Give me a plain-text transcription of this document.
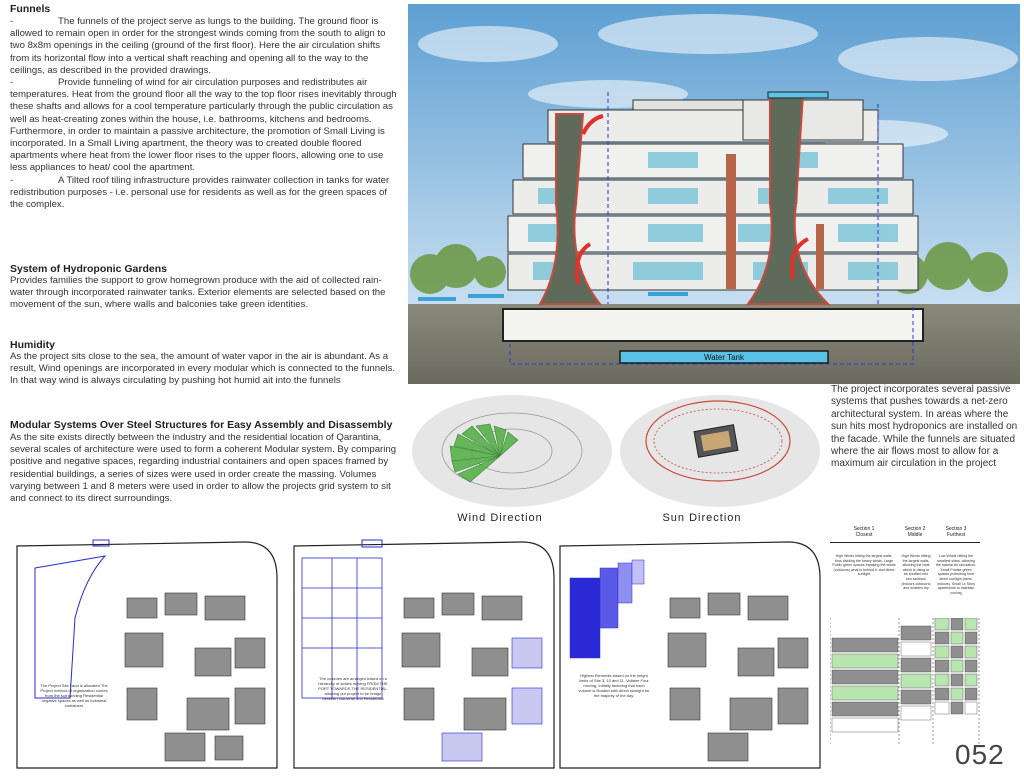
Funnels

-	The funnels of the project serve as lungs to the building. The ground floor is allowed to remain open in order for the strongest winds coming from the south to align to two 8x8m openings in the ceiling (ground of the first floor). Here the air circulation shifts from its horizontal flow into a vertical shaft reaching and opening all to the way to the ceilings, as described in the provided drawings.

-	Provide funneling of wind for air circulation purposes and redistributes air temperatures. Heat from the ground floor all the way to the top floor rises inevitably through these shafts and allows for a cool temperature particularly through the public circulation as well as heat-creating zones within the house, i.e. bathrooms, kitchens and bedrooms. Furthermore, in order to maintain a passive architecture, the promotion of Small Living is incorporated. In a Small Living apartment, the theory was to created double floored apartments where heat from the lower floor rises to the upper floors, allowing one to use less appliances to heat/ cool the apartment.

-	A Tilted roof tiling infrastructure provides rainwater collection in tanks for water redistribution purposes - i.e. personal use for residents as well as for the green spaces of the complex.

System of Hydroponic Gardens
Provides families the support to grow homegrown produce with the aid of collected rain-water through incorporated rainwater tanks. Exterior elements are selected based on the movement of the sun, where walls and balconies take green identities.
Humidity
As the project sits close to the sea, the amount of water vapor in the air is abundant. As a result, Wind openings are incorporated in every modular which is connected to the funnels. In that way wind is always circulating by pushing hot humid ait into the funnels
Modular Systems Over Steel Structures for Easy Assembly and Disassembly
As the site exists directly between the industry and the residential location of Qarantina, several scales of architecture were used to form a coherent Modular system. By comparing positive and negative spaces, regarding industrial containers and open spaces framed by residential buildings, a series of sizes were used in order create the massing. Volumes varying between 1 and 8 meters were used in order to allow the projects grid system to sit and connect to its direct surroundings.
Water Tank
Wind Direction	Sun Direction
The project incorporates several passive systems that pushes towards a net-zero architectural system. In areas where the sun hits most hydroponics are installed on the facade. While the funnels are situated where the air flows most to allow for a maximum air circulation in the project
The Project Site Land is allocated The Project method of organization comes from the surrounding Residential negative spaces as well as industrial containers
The volumes are arranged based on a hierarchy of scales moving FROM THE PORT TOWARDS THE RESIDENTIAL, allowing our project to be bridge between Industrial and Residential
Highest Elements based on the height limits of Site 3, 10 and 11. Voltaire Four moving, Initially factoring that each volume is flooded with direct sunlight for the majority of the day.
Section 1
Closest
Section 2
Middle
Section 3
Furthest
High Winds hitting the largest walls, thus dividing the heavy winds. Large Public green spaces breaking the winds (outdoors) what is behind it, and direct sunlight
High Winds hitting the largest walls, allowing the heat which is rising to be shuttled into two sections (indoors outdoors) and enables top
Low Winds hitting the smallest sides, allowing the natural air circulation. Small Private green spaces protecting from direct sunlight (semi-indoors). Small 1x Story apartments to maintain cooling
052
